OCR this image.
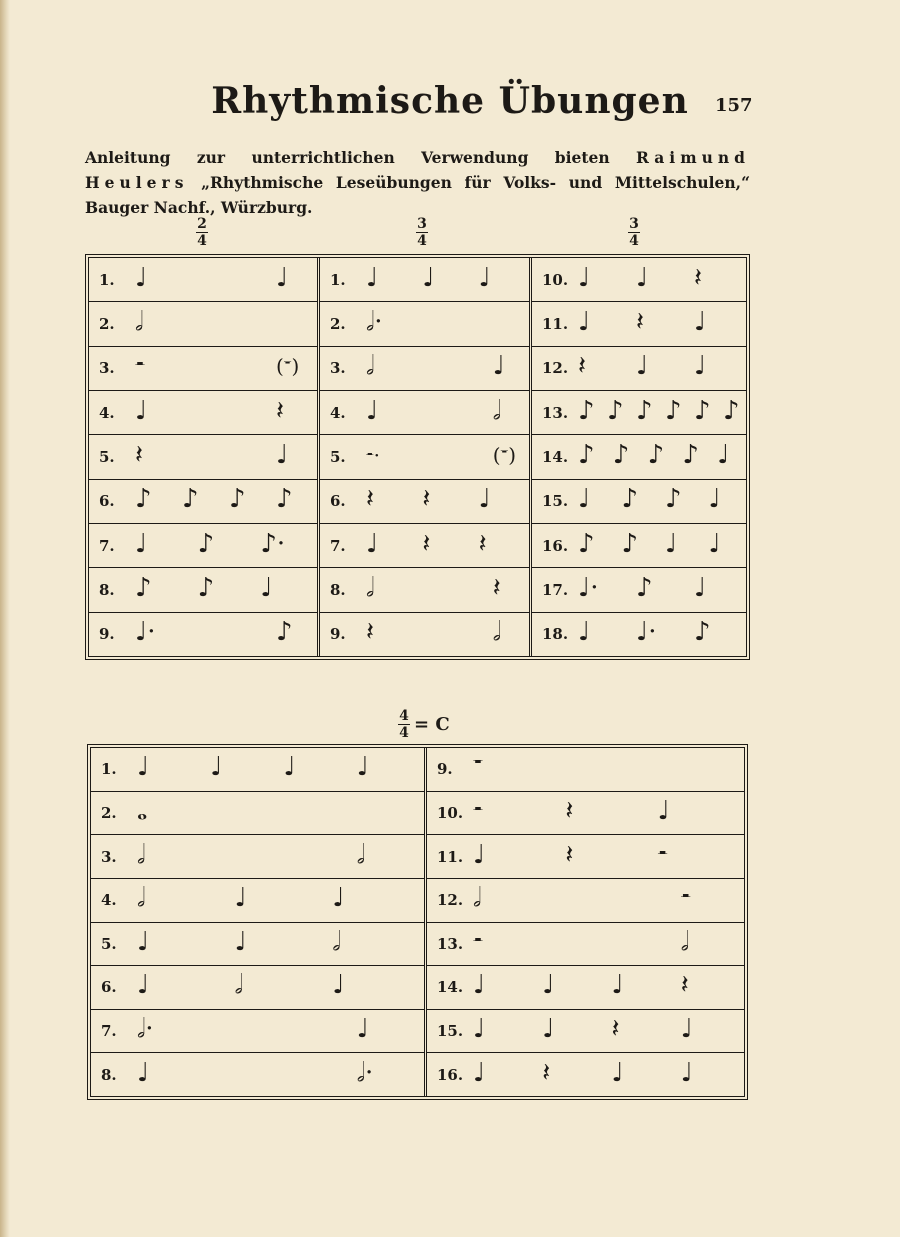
Rhythmische Übungen	157
Anleitung zur unterrichtlichen Verwendung bieten Raimund Heulers „Rhythmische Leseübungen für Volks- und Mittelschulen,“ Bauger Nachf., Würzburg.
2
4
3
4
3
4
1. ♩	♩
2. 𝅗𝅥
3. 𝄼	(𝄻)
4. ♩	𝄽
5. 𝄽	♩
6. ♪ ♪ ♪ ♪
7. ♩ ♪ ♪·
8. ♪ ♪ ♩
9. ♩·	♪
1. ♩ ♩ ♩
2. 𝅗𝅥·
3. 𝅗𝅥	♩
4. ♩	𝅗𝅥
5.	𝄼·	(𝄻)
6. 𝄽 𝄽 ♩
7. ♩ 𝄽 𝄽
8. 𝅗𝅥	𝄽
9. 𝄽	𝅗𝅥
10. ♩ ♩ 𝄽
11. ♩ 𝄽 ♩
12. 𝄽 ♩ ♩
13. ♪ ♪ ♪ ♪ ♪ ♪
14. ♪ ♪ ♪ ♪ ♩
15. ♩ ♪ ♪ ♩
16. ♪ ♪ ♩ ♩
17. ♩· ♪ ♩
18. ♩ ♩· ♪
4
4 = C
1. ♩ ♩ ♩ ♩
2. 𝅝
3. 𝅗𝅥	𝅗𝅥
4. 𝅗𝅥	♩	♩
5. ♩	♩	𝅗𝅥
6. ♩	𝅗𝅥	♩
7. 𝅗𝅥·	♩
8. ♩	𝅗𝅥·
9. 𝄻
10. 𝄼	𝄽	♩
11. ♩	𝄽	𝄼
12. 𝅗𝅥	𝄼
13. 𝄼	𝅗𝅥
14. ♩ ♩ ♩ 𝄽
15. ♩ ♩ 𝄽 ♩
16. ♩ 𝄽 ♩ ♩
